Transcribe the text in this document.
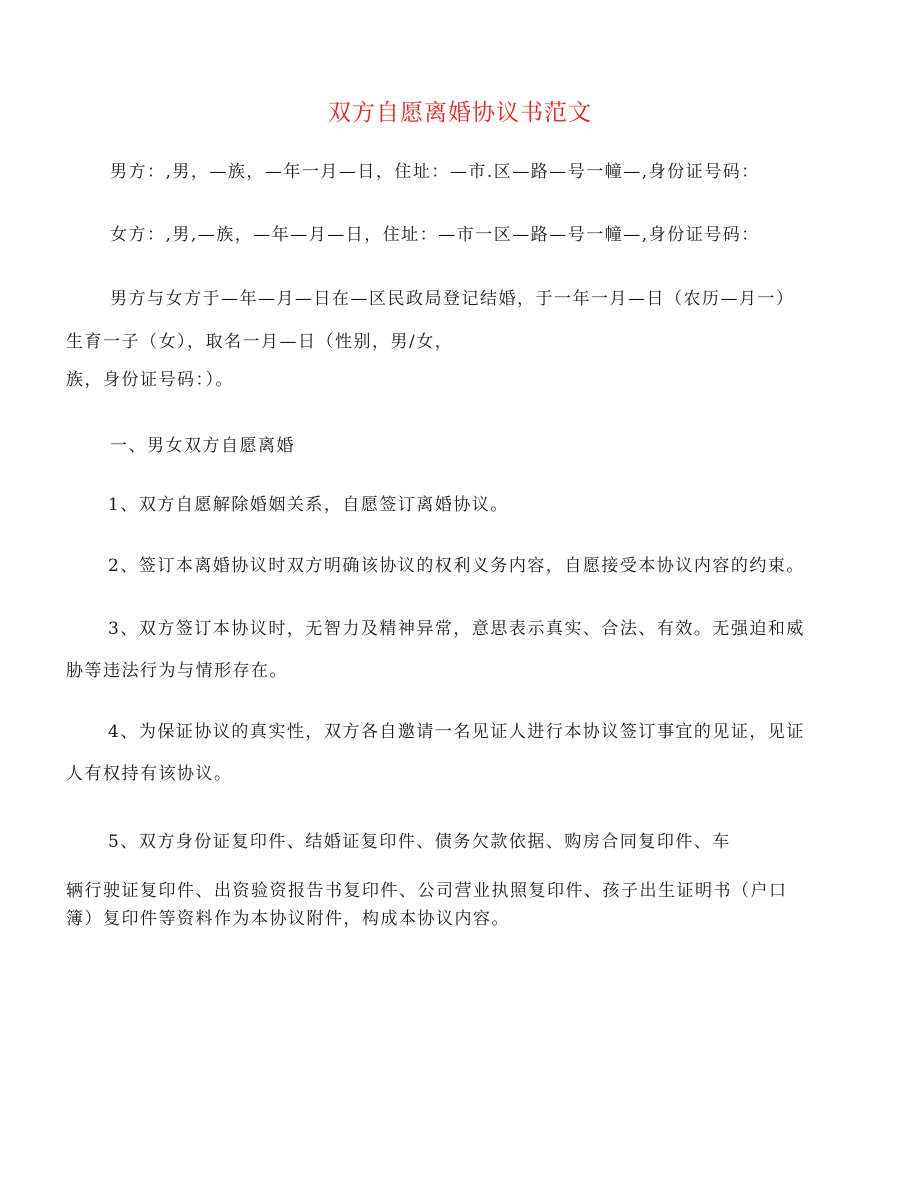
双方自愿离婚协议书范文
男方：,男，—族，—年一月—日，住址：—市.区—路—号一幢—,身份证号码：
女方：,男,—族，—年—月—日，住址：—市一区—路—号一幢—,身份证号码：
男方与女方于—年—月—日在—区民政局登记结婚，于一年一月—日（农历—月一）
生育一子（女），取名一月—日（性别，男/女，
族，身份证号码：）。
一、男女双方自愿离婚
1、双方自愿解除婚姻关系，自愿签订离婚协议。
2、签订本离婚协议时双方明确该协议的权利义务内容，自愿接受本协议内容的约束。
3、双方签订本协议时，无智力及精神异常，意思表示真实、合法、有效。无强迫和威
胁等违法行为与情形存在。
4、为保证协议的真实性，双方各自邀请一名见证人进行本协议签订事宜的见证，见证
人有权持有该协议。
5、双方身份证复印件、结婚证复印件、债务欠款依据、购房合同复印件、车
辆行驶证复印件、出资验资报告书复印件、公司营业执照复印件、孩子出生证明书（户口
簿）复印件等资料作为本协议附件，构成本协议内容。
